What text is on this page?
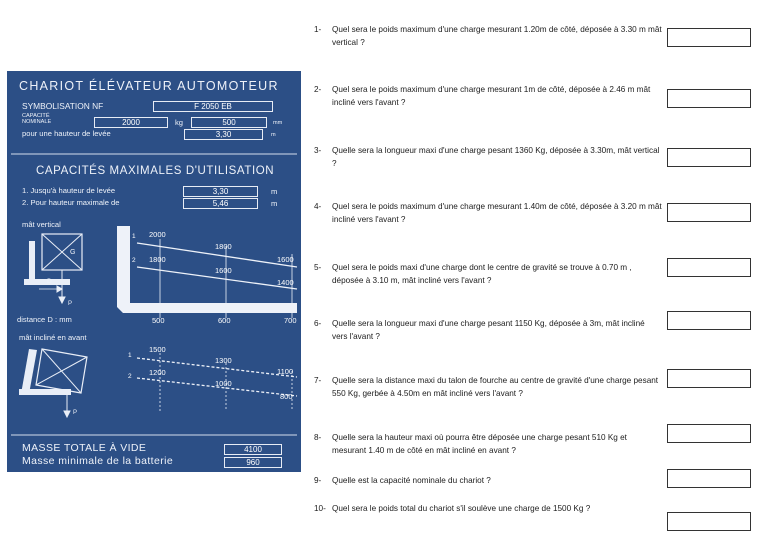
CHARIOT ÉLÉVATEUR AUTOMOTEUR
SYMBOLISATION NF	F 2050 EB
CAPACITÉ
NOMINALE	2000	kg	500	mm
pour une hauteur de levée	3,30	m
CAPACITÉS MAXIMALES D'UTILISATION
1. Jusqu'à hauteur de levée	3,30	m
2. Pour hauteur maximale de	5,46	m
mât vertical
G
D
P
1
2
2000
1800
1800
1600
1600
1400
distance D : mm	500	600	700
mât incliné en avant
P
1
2
1500
1200
1300
1000
1100
800
MASSE TOTALE À VIDE	4100
Masse minimale de la batterie	960
1- Quel sera le poids maximum d'une charge mesurant 1.20m de côté, déposée à 3.30 m mât vertical ?
2- Quel sera le poids maximum d'une charge mesurant 1m de côté, déposée à 2.46 m mât incliné vers l'avant ?
3- Quelle sera la longueur maxi d'une charge pesant 1360 Kg, déposée à 3.30m, mât vertical ?
4- Quel sera le poids maximum d'une charge mesurant 1.40m de côté, déposée à 3.20 m mât incliné vers l'avant ?
5- Quel sera le poids maxi d'une charge dont le centre de gravité se trouve à 0.70 m , déposée à 3.10 m, mât incliné vers l'avant ?
6- Quelle sera la longueur maxi d'une charge pesant 1150 Kg, déposée à 3m, mât incliné vers l'avant ?
7- Quelle sera la distance maxi du talon de fourche au centre de gravité d'une charge pesant 550 Kg, gerbée à 4.50m en mât incliné vers l'avant ?
8- Quelle sera la hauteur maxi où pourra être déposée une charge pesant 510 Kg et mesurant 1.40 m de côté en mât incliné en avant ?
9- Quelle est la capacité nominale du chariot ?
10- Quel sera le poids total du chariot s'il soulève une charge de 1500 Kg ?
